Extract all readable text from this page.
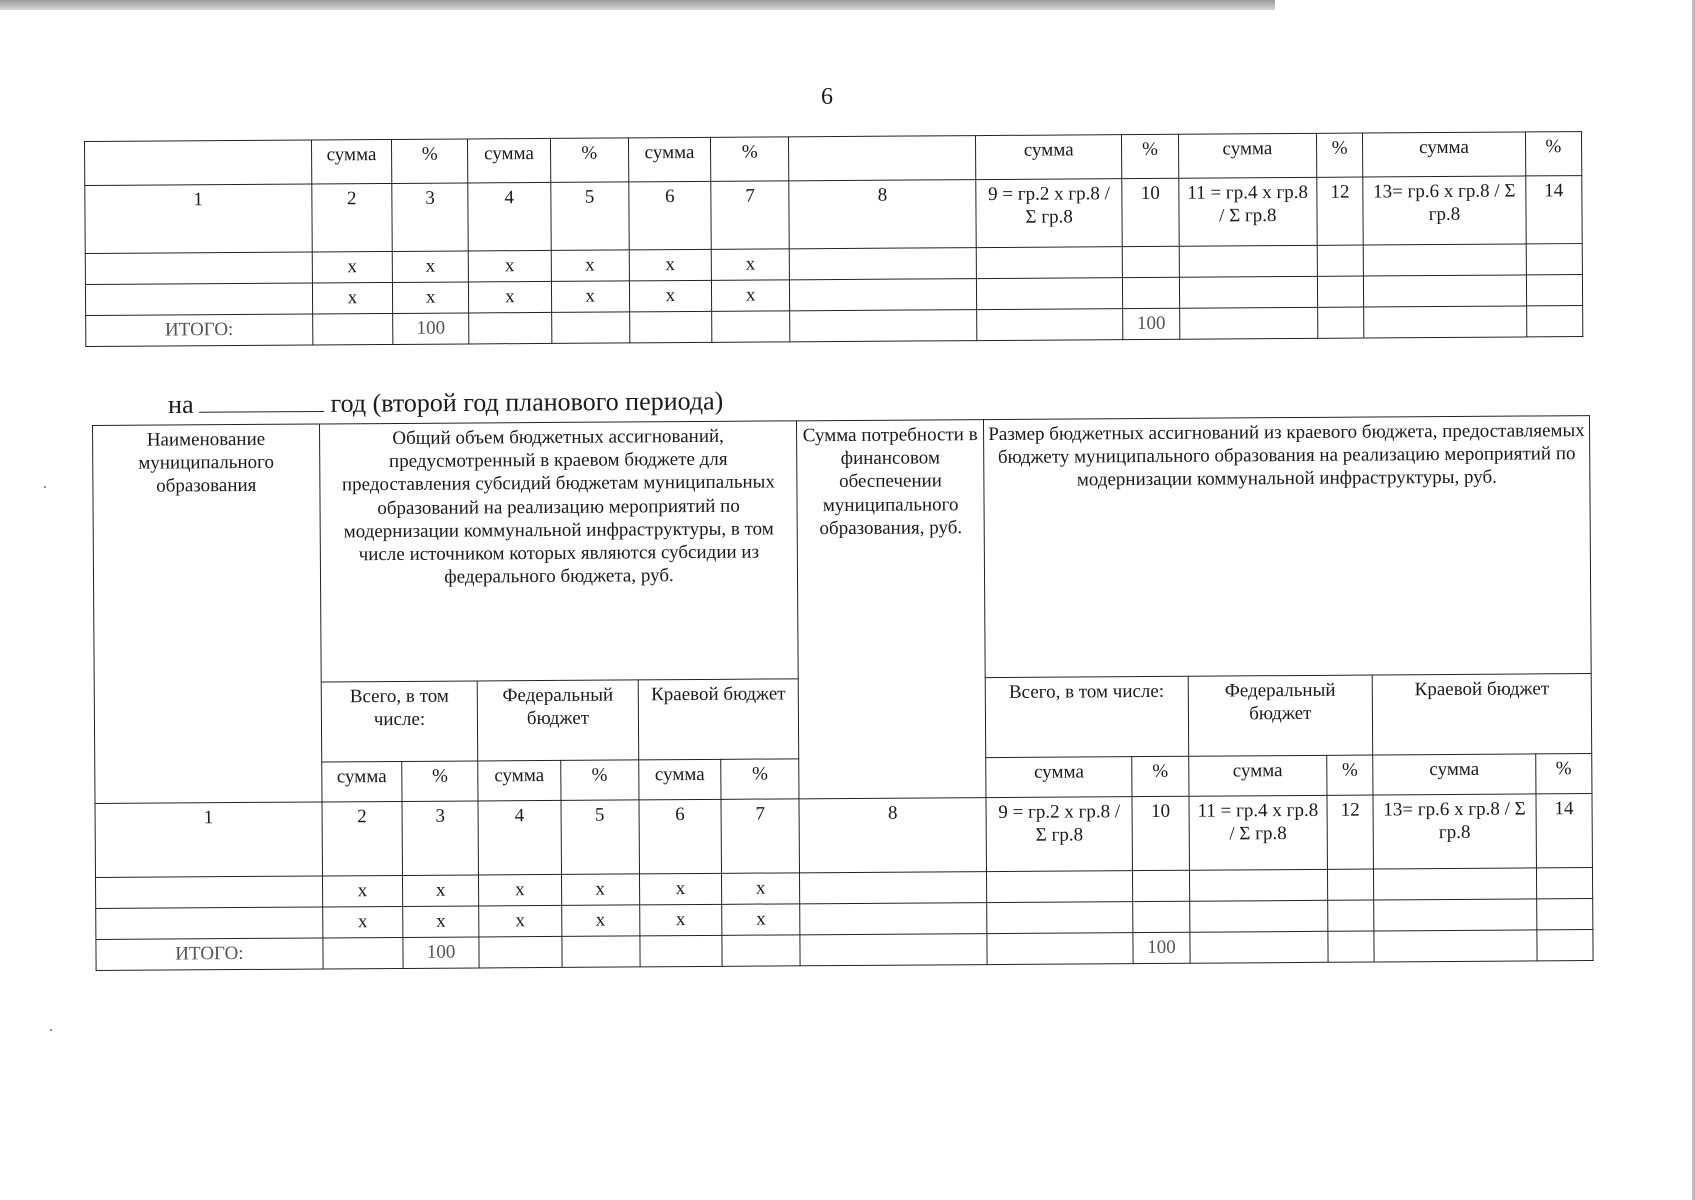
6
	сумма	%	сумма	%	сумма	%		сумма	%	сумма	%	сумма	%
1	2	3	4	5	6	7	8	9 = гр.2 x гр.8 / Σ гр.8	10	11 = гр.4 x гр.8 / Σ гр.8	12	13= гр.6 x гр.8 / Σ гр.8	14
	x	x	x	x	x	x							
	x	x	x	x	x	x							
ИТОГО:		100							100				
на	год (второй год планового периода)
Наименование муниципального образования	Общий объем бюджетных ассигнований, предусмотренный в краевом бюджете для предоставления субсидий бюджетам муниципальных образований на реализацию мероприятий по модернизации коммунальной инфраструктуры, в том числе источником которых являются субсидии из федерального бюджета, руб.						Сумма потребности в финансовом обеспечении муниципального образования, руб.	Размер бюджетных ассигнований из краевого бюджета, предоставляемых бюджету муниципального образования на реализацию мероприятий по модернизации коммунальной инфраструктуры, руб.					
	Всего, в том числе:		Федеральный бюджет		Краевой бюджет			Всего, в том числе:		Федеральный бюджет		Краевой бюджет	
	сумма	%	сумма	%	сумма	%		сумма	%	сумма	%	сумма	%
1	2	3	4	5	6	7	8	9 = гр.2 x гр.8 / Σ гр.8	10	11 = гр.4 x гр.8 / Σ гр.8	12	13= гр.6 x гр.8 / Σ гр.8	14
	x	x	x	x	x	x							
	x	x	x	x	x	x							
ИТОГО:		100							100				
